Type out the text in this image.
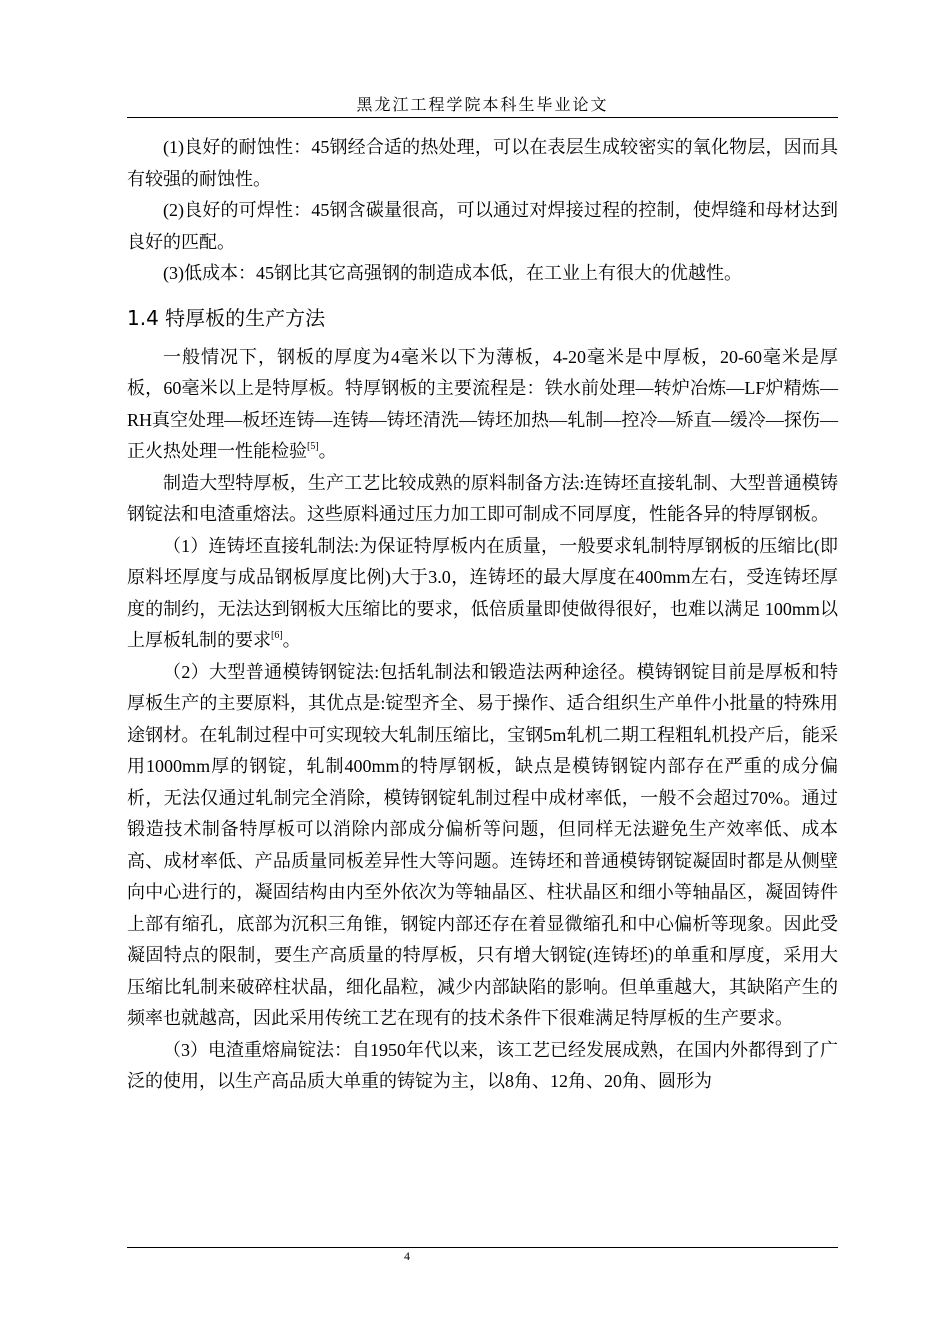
黑龙江工程学院本科生毕业论文

(1)良好的耐蚀性：45钢经合适的热处理，可以在表层生成较密实的氧化物层，因而具有较强的耐蚀性。

(2)良好的可焊性：45钢含碳量很高，可以通过对焊接过程的控制，使焊缝和母材达到良好的匹配。

(3)低成本：45钢比其它高强钢的制造成本低，在工业上有很大的优越性。

1.4 特厚板的生产方法

一般情况下，钢板的厚度为4毫米以下为薄板，4-20毫米是中厚板，20-60毫米是厚板，60毫米以上是特厚板。特厚钢板的主要流程是：铁水前处理—转炉冶炼—LF炉精炼—RH真空处理—板坯连铸—连铸—铸坯清洗—铸坯加热—轧制—控冷—矫直—缓冷—探伤—正火热处理一性能检验[5]。

制造大型特厚板，生产工艺比较成熟的原料制备方法:连铸坯直接轧制、大型普通模铸钢锭法和电渣重熔法。这些原料通过压力加工即可制成不同厚度，性能各异的特厚钢板。

（1）连铸坯直接轧制法:为保证特厚板内在质量，一般要求轧制特厚钢板的压缩比(即原料坯厚度与成品钢板厚度比例)大于3.0，连铸坯的最大厚度在400mm左右，受连铸坯厚度的制约，无法达到钢板大压缩比的要求，低倍质量即使做得很好，也难以满足 100mm以上厚板轧制的要求[6]。

（2）大型普通模铸钢锭法:包括轧制法和锻造法两种途径。模铸钢锭目前是厚板和特厚板生产的主要原料，其优点是:锭型齐全、易于操作、适合组织生产单件小批量的特殊用途钢材。在轧制过程中可实现较大轧制压缩比，宝钢5m轧机二期工程粗轧机投产后，能采用1000mm厚的钢锭，轧制400mm的特厚钢板，缺点是模铸钢锭内部存在严重的成分偏析，无法仅通过轧制完全消除，模铸钢锭轧制过程中成材率低，一般不会超过70%。通过锻造技术制备特厚板可以消除内部成分偏析等问题，但同样无法避免生产效率低、成本高、成材率低、产品质量同板差异性大等问题。连铸坯和普通模铸钢锭凝固时都是从侧壁向中心进行的，凝固结构由内至外依次为等轴晶区、柱状晶区和细小等轴晶区，凝固铸件上部有缩孔，底部为沉积三角锥，钢锭内部还存在着显微缩孔和中心偏析等现象。因此受凝固特点的限制，要生产高质量的特厚板，只有增大钢锭(连铸坯)的单重和厚度，采用大压缩比轧制来破碎柱状晶，细化晶粒，减少内部缺陷的影响。但单重越大，其缺陷产生的频率也就越高，因此采用传统工艺在现有的技术条件下很难满足特厚板的生产要求。

（3）电渣重熔扁锭法：自1950年代以来，该工艺已经发展成熟，在国内外都得到了广泛的使用，以生产高品质大单重的铸锭为主，以8角、12角、20角、圆形为

4
